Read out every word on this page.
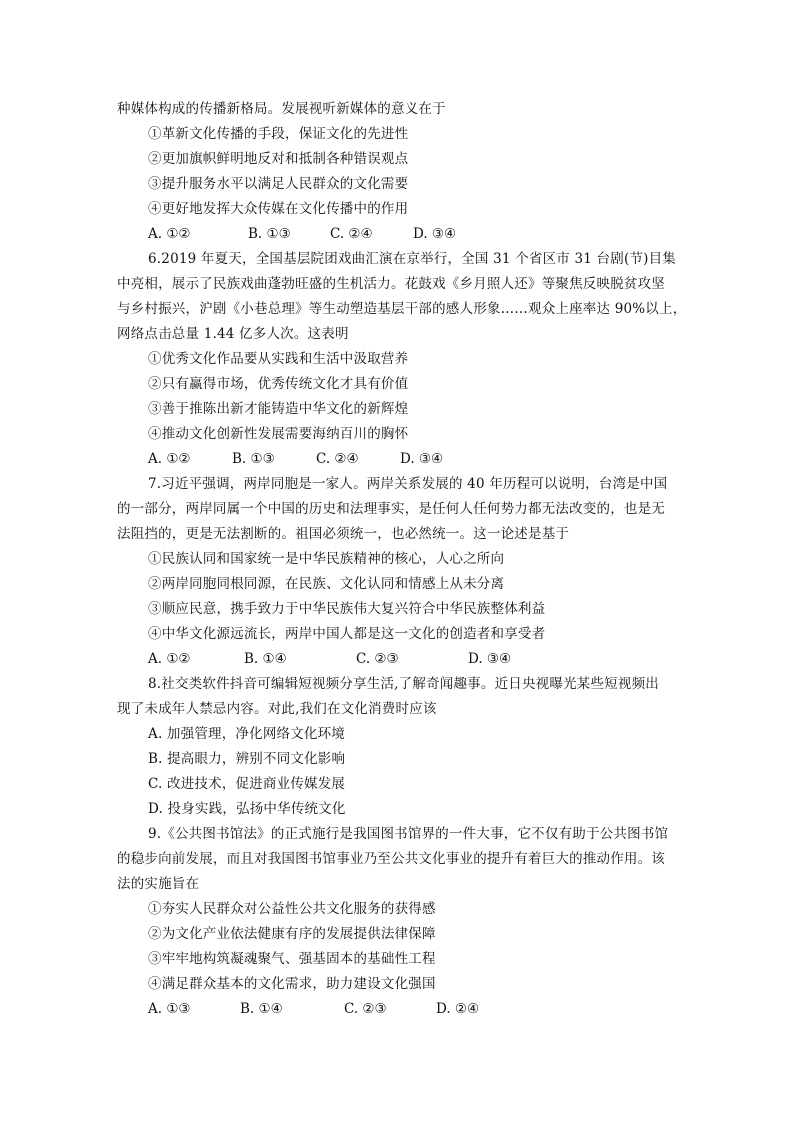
种媒体构成的传播新格局。发展视听新媒体的意义在于
①革新文化传播的手段，保证文化的先进性
②更加旗帜鲜明地反对和抵制各种错误观点
③提升服务水平以满足人民群众的文化需要
④更好地发挥大众传媒在文化传播中的作用
A. ①②	B. ①③	C. ②④	D. ③④
6.2019 年夏天，全国基层院团戏曲汇演在京举行，全国 31 个省区市 31 台剧(节)目集
中亮相，展示了民族戏曲蓬勃旺盛的生机活力。花鼓戏《乡月照人还》等聚焦反映脱贫攻坚
与乡村振兴，沪剧《小巷总理》等生动塑造基层干部的感人形象……观众上座率达 90%以上，
网络点击总量 1.44 亿多人次。这表明
①优秀文化作品要从实践和生活中汲取营养
②只有赢得市场，优秀传统文化才具有价值
③善于推陈出新才能铸造中华文化的新辉煌
④推动文化创新性发展需要海纳百川的胸怀
A. ①②	B. ①③	C. ②④	D. ③④
7.习近平强调，两岸同胞是一家人。两岸关系发展的 40 年历程可以说明，台湾是中国
的一部分，两岸同属一个中国的历史和法理事实，是任何人任何势力都无法改变的，也是无
法阻挡的，更是无法割断的。祖国必须统一，也必然统一。这一论述是基于
①民族认同和国家统一是中华民族精神的核心，人心之所向
②两岸同胞同根同源，在民族、文化认同和情感上从未分离
③顺应民意，携手致力于中华民族伟大复兴符合中华民族整体利益
④中华文化源远流长，两岸中国人都是这一文化的创造者和享受者
A. ①②	B. ①④	C. ②③	D. ③④
8.社交类软件抖音可编辑短视频分享生活,了解奇闻趣事。近日央视曝光某些短视频出
现了未成年人禁忌内容。对此,我们在文化消费时应该
A. 加强管理，净化网络文化环境
B. 提高眼力，辨别不同文化影响
C. 改进技术，促进商业传媒发展
D. 投身实践，弘扬中华传统文化
9.《公共图书馆法》的正式施行是我国图书馆界的一件大事，它不仅有助于公共图书馆
的稳步向前发展，而且对我国图书馆事业乃至公共文化事业的提升有着巨大的推动作用。该
法的实施旨在
①夯实人民群众对公益性公共文化服务的获得感
②为文化产业依法健康有序的发展提供法律保障
③牢牢地构筑凝魂聚气、强基固本的基础性工程
④满足群众基本的文化需求，助力建设文化强国
A. ①③	B. ①④	C. ②③	D. ②④
